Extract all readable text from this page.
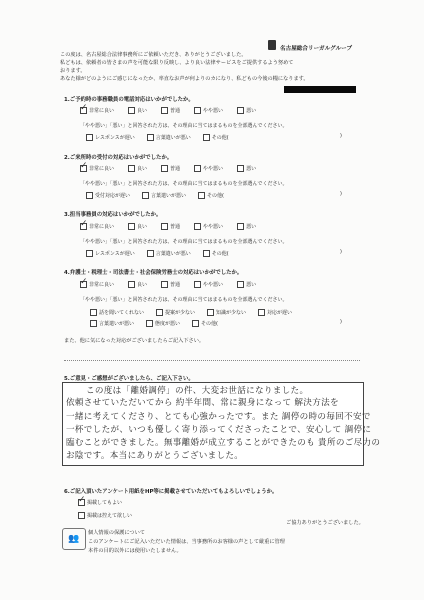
名古屋総合リーガルグループ
この度は、名古屋総合法律事務所にご依頼いただき、ありがとうございました。
私どもは、依頼者の皆さまの声を可能な限り反映し、より良い法律サービスをご提供するよう努めて
おります。
あなた様がどのようにご感じになったか、率直なお声が何よりのカになり、私どもの今後の糧になります。
1.ご予約時の事務職員の電話対応はいかがでしたか。
✓
非常に良い	良い	普通	やや悪い	悪い
「やや悪い」「悪い」と回答された方は、その理由に当てはまるものを全部選んでください。
レスポンスが遅い	言葉遣いが悪い	その他(	)
2.ご来所時の受付の対応はいかがでしたか。
✓
非常に良い	良い	普通	やや悪い	悪い
「やや悪い」「悪い」と回答された方は、その理由に当てはまるものを全部選んでください。
受付対応が遅い	言葉遣いが悪い	その他(	)
3.担当事務員の対応はいかがでしたか。
✓
非常に良い	良い	普通	やや悪い	悪い
「やや悪い」「悪い」と回答された方は、その理由に当てはまるものを全部選んでください。
レスポンスが遅い	言葉遣いが悪い	その他(	)
4.弁護士・税理士・司法書士・社会保険労務士の対応はいかがでしたか。
✓
非常に良い	良い	普通	やや悪い	悪い
「やや悪い」「悪い」と回答された方は、その理由に当てはまるものを全部選んでください。
話を聞いてくれない	提案が少ない	知識が少ない	対応が遅い
言葉遣いが悪い	態度が悪い	その他(	)
また、他に気になった対応がございましたらご記入下さい。
5.ご意見・ご感想がございましたら、ご記入下さい。
この度は「離婚調停」の件、大変お世話になりました。
依頼させていただいてから 約半年間、常に親身になって 解決方法を
一緒に考えてくださり、とても心強かったです。また 調停の時の毎回不安で
一杯でしたが、いつも優しく寄り添ってくださったことで、安心して 調停に
臨むことができました。無事離婚が成立することができたのも 貴所のご尽力の
お陰です。本当にありがとうございました。
6.ご記入頂いたアンケート用紙をHP等に掲載させていただいてもよろしいでしょうか。
✓
掲載してもよい
掲載は控えて欲しい
ご協力ありがとうございました。
👥
個人情報の保護について
このアンケートにご記入いただいた情報は、当事務所のお客様の声として厳重に管理
本件の目的以外には使用いたしません。
